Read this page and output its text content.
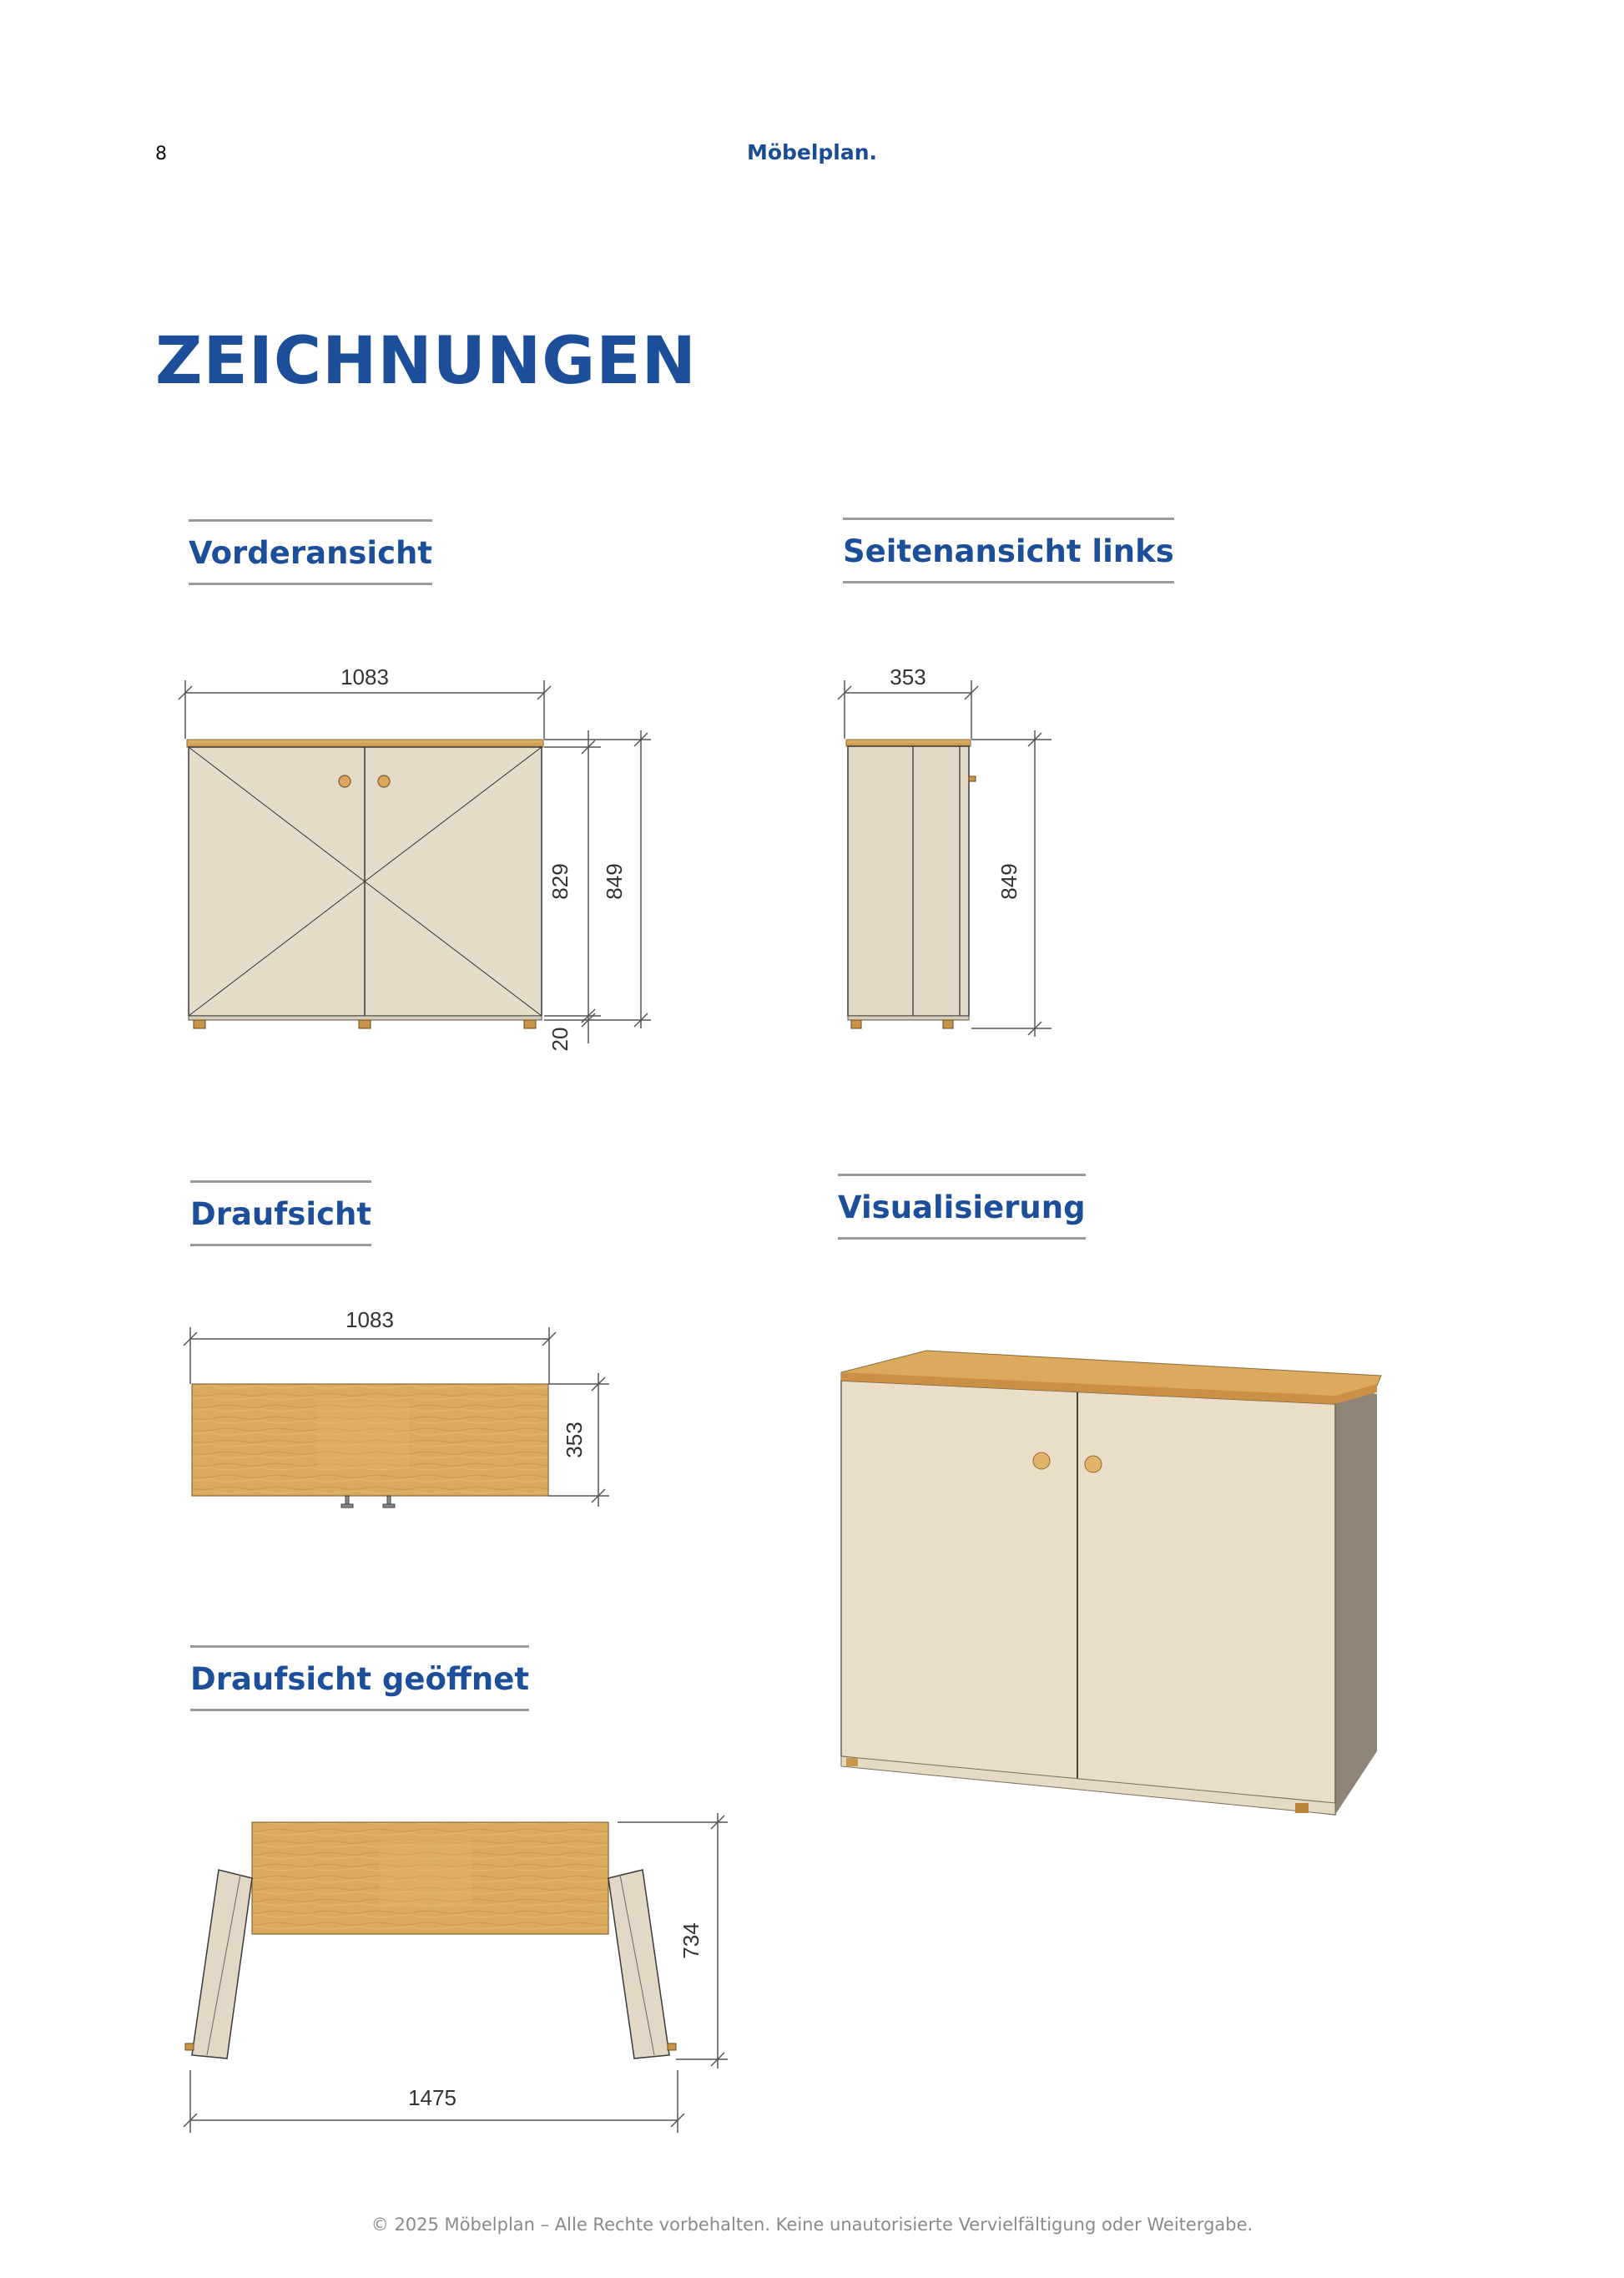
8	Möbelplan.
ZEICHNUNGEN
Vorderansicht	Seitenansicht links
Draufsicht	Visualisierung
Draufsicht geöffnet
1083
829 849
20
353
849
1083
353
734
1475
© 2025 Möbelplan – Alle Rechte vorbehalten. Keine unautorisierte Vervielfältigung oder Weitergabe.
